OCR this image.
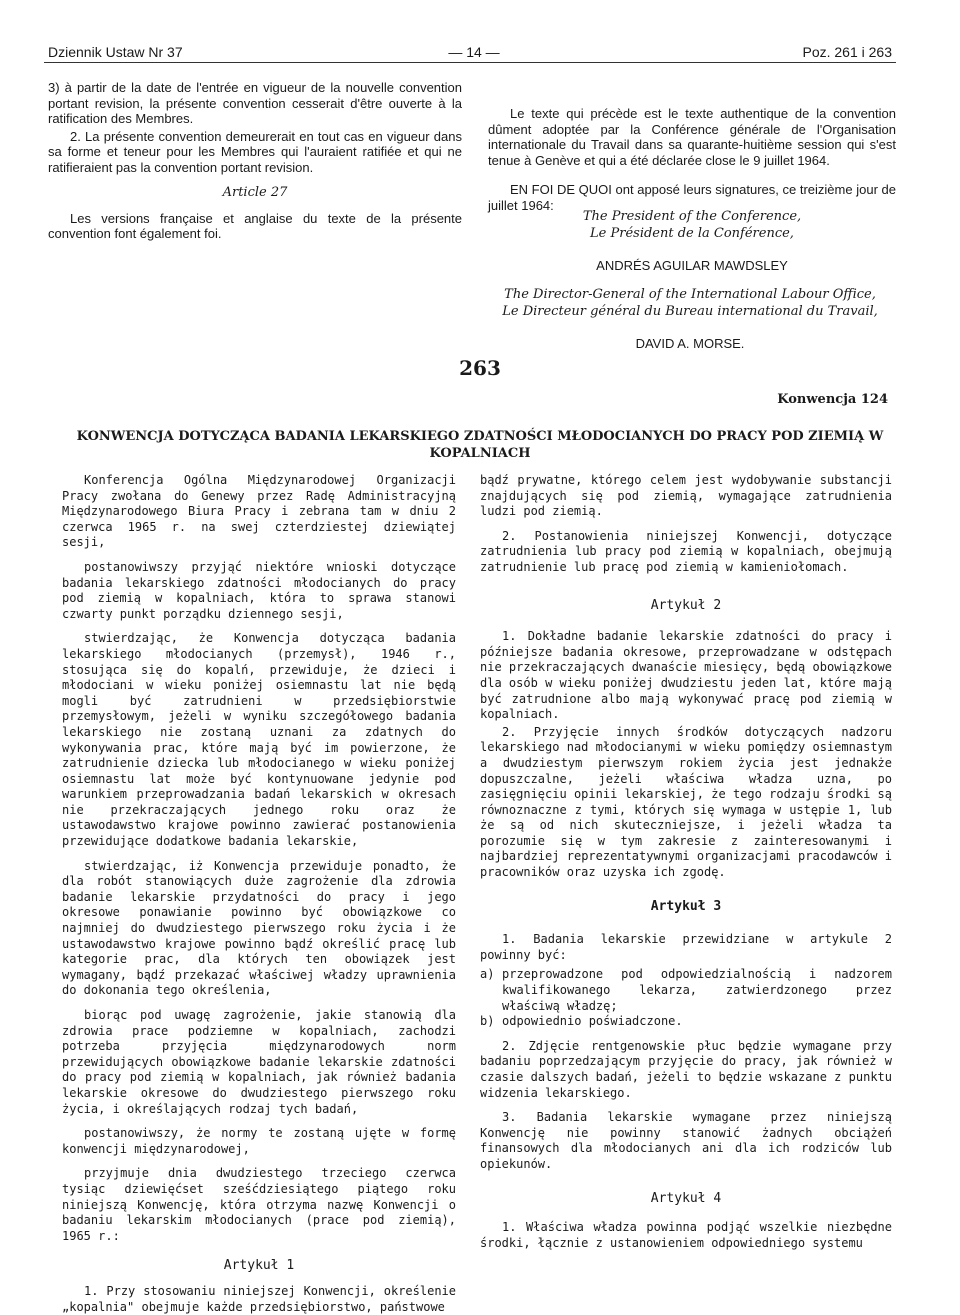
Dziennik Ustaw Nr 37	— 14 —	Poz. 261 i 263

3) à partir de la date de l'entrée en vigueur de la nouvelle convention portant revision, la présente convention cesserait d'être ouverte à la ratification des Membres.

2. La présente convention demeurerait en tout cas en vigueur dans sa forme et teneur pour les Membres qui l'auraient ratifiée et qui ne ratifieraient pas la convention portant revision.

Article 27

Les versions française et anglaise du texte de la présente convention font également foi.

Le texte qui précède est le texte authentique de la convention dûment adoptée par la Conférence générale de l'Organisation internationale du Travail dans sa quarante-huitième session qui s'est tenue à Genève et qui a été déclarée close le 9 juillet 1964.

EN FOI DE QUOI ont apposé leurs signatures, ce treizième jour de juillet 1964:

The President of the Conference,
Le Président de la Conférence,
ANDRÉS AGUILAR MAWDSLEY
The Director-General of the International Labour Office,
Le Directeur général du Bureau international du Travail,
DAVID A. MORSE.
263
Konwencja 124
KONWENCJA DOTYCZĄCA BADANIA LEKARSKIEGO ZDATNOŚCI MŁODOCIANYCH DO PRACY POD ZIEMIĄ W KOPALNIACH

Konferencja Ogólna Międzynarodowej Organizacji Pracy zwołana do Genewy przez Radę Administracyjną Międzynarodowego Biura Pracy i zebrana tam w dniu 2 czerwca 1965 r. na swej czterdziestej dziewiątej sesji,

postanowiwszy przyjąć niektóre wnioski dotyczące badania lekarskiego zdatności młodocianych do pracy pod ziemią w kopalniach, która to sprawa stanowi czwarty punkt porządku dziennego sesji,

stwierdzając, że Konwencja dotycząca badania lekarskiego młodocianych (przemysł), 1946 r., stosująca się do kopalń, przewiduje, że dzieci i młodociani w wieku poniżej osiemnastu lat nie będą mogli być zatrudnieni w przedsiębiorstwie przemysłowym, jeżeli w wyniku szczegółowego badania lekarskiego nie zostaną uznani za zdatnych do wykonywania prac, które mają być im powierzone, że zatrudnienie dziecka lub młodocianego w wieku poniżej osiemnastu lat może być kontynuowane jedynie pod warunkiem przeprowadzania badań lekarskich w okresach nie przekraczających jednego roku oraz że ustawodawstwo krajowe powinno zawierać postanowienia przewidujące dodatkowe badania lekarskie,

stwierdzając, iż Konwencja przewiduje ponadto, że dla robót stanowiących duże zagrożenie dla zdrowia badanie lekarskie przydatności do pracy i jego okresowe ponawianie powinno być obowiązkowe co najmniej do dwudziestego pierwszego roku życia i że ustawodawstwo krajowe powinno bądź określić pracę lub kategorie prac, dla których ten obowiązek jest wymagany, bądź przekazać właściwej władzy uprawnienia do dokonania tego określenia,

biorąc pod uwagę zagrożenie, jakie stanowią dla zdrowia prace podziemne w kopalniach, zachodzi potrzeba przyjęcia międzynarodowych norm przewidujących obowiązkowe badanie lekarskie zdatności do pracy pod ziemią w kopalniach, jak również badania lekarskie okresowe do dwudziestego pierwszego roku życia, i określających rodzaj tych badań,

postanowiwszy, że normy te zostaną ujęte w formę konwencji międzynarodowej,

przyjmuje dnia dwudziestego trzeciego czerwca tysiąc dziewięćset sześćdziesiątego piątego roku niniejszą Konwencję, która otrzyma nazwę Konwencji o badaniu lekarskim młodocianych (prace pod ziemią), 1965 r.:

Artykuł 1

1. Przy stosowaniu niniejszej Konwencji, określenie „kopalnia" obejmuje każde przedsiębiorstwo, państwowe

bądź prywatne, którego celem jest wydobywanie substancji znajdujących się pod ziemią, wymagające zatrudnienia ludzi pod ziemią.

2. Postanowienia niniejszej Konwencji, dotyczące zatrudnienia lub pracy pod ziemią w kopalniach, obejmują zatrudnienie lub pracę pod ziemią w kamieniołomach.

Artykuł 2

1. Dokładne badanie lekarskie zdatności do pracy i późniejsze badania okresowe, przeprowadzane w odstępach nie przekraczających dwanaście miesięcy, będą obowiązkowe dla osób w wieku poniżej dwudziestu jeden lat, które mają być zatrudnione albo mają wykonywać pracę pod ziemią w kopalniach.

2. Przyjęcie innych środków dotyczących nadzoru lekarskiego nad młodocianymi w wieku pomiędzy osiemnastym a dwudziestym pierwszym rokiem życia jest jednakże dopuszczalne, jeżeli właściwa władza uzna, po zasięgnięciu opinii lekarskiej, że tego rodzaju środki są równoznaczne z tymi, których się wymaga w ustępie 1, lub że są od nich skuteczniejsze, i jeżeli władza ta porozumie się w tym zakresie z zainteresowanymi i najbardziej reprezentatywnymi organizacjami pracodawców i pracowników oraz uzyska ich zgodę.

Artykuł 3

1. Badania lekarskie przewidziane w artykule 2 powinny być:

a) przeprowadzone pod odpowiedzialnością i nadzorem kwalifikowanego lekarza, zatwierdzonego przez właściwą władzę;
b) odpowiednio poświadczone.

2. Zdjęcie rentgenowskie płuc będzie wymagane przy badaniu poprzedzającym przyjęcie do pracy, jak również w czasie dalszych badań, jeżeli to będzie wskazane z punktu widzenia lekarskiego.

3. Badania lekarskie wymagane przez niniejszą Konwencję nie powinny stanowić żadnych obciążeń finansowych dla młodocianych ani dla ich rodziców lub opiekunów.

Artykuł 4

1. Właściwa władza powinna podjąć wszelkie niezbędne środki, łącznie z ustanowieniem odpowiedniego systemu
